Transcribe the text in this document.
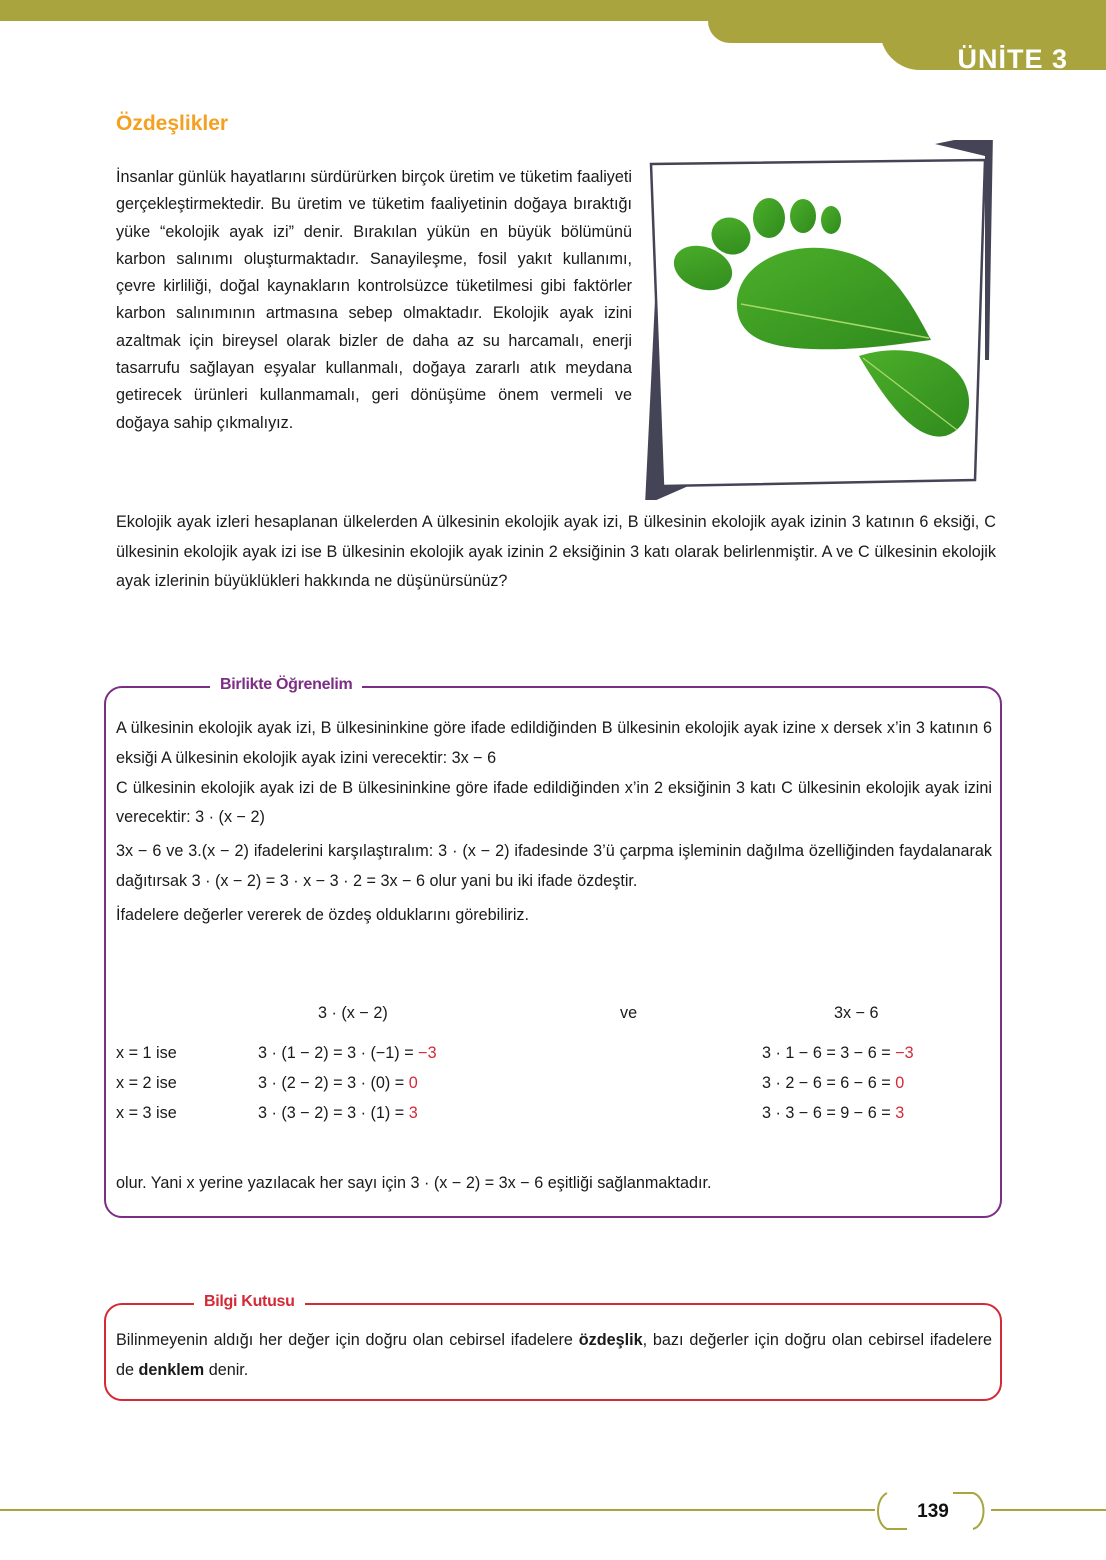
ÜNİTE 3
Özdeşlikler
İnsanlar günlük hayatlarını sürdürürken birçok üretim ve tüketim faaliyeti gerçekleştirmektedir. Bu üretim ve tüketim faaliyetinin doğaya bıraktığı yüke “ekolojik ayak izi” denir. Bırakılan yükün en büyük bölümünü karbon salınımı oluşturmaktadır. Sanayileşme, fosil yakıt kullanımı, çevre kirliliği, doğal kaynakların kontrolsüzce tüketilmesi gibi faktörler karbon salınımının artmasına sebep olmaktadır. Ekolojik ayak izini azaltmak için bireysel olarak bizler de daha az su harcamalı, enerji tasarrufu sağlayan eşyalar kullanmalı, doğaya zararlı atık meydana getirecek ürünleri kullanmamalı, geri dönüşüme önem vermeli ve doğaya sahip çıkmalıyız.
Ekolojik ayak izleri hesaplanan ülkelerden A ülkesinin ekolojik ayak izi, B ülkesinin ekolojik ayak izinin 3 katının 6 eksiği, C ülkesinin ekolojik ayak izi ise B ülkesinin ekolojik ayak izinin 2 eksiğinin 3 katı olarak belirlenmiştir. A ve C ülkesinin ekolojik ayak izlerinin büyüklükleri hakkında ne düşünürsünüz?
Birlikte Öğrenelim

A ülkesinin ekolojik ayak izi, B ülkesininkine göre ifade edildiğinden B ülkesinin ekolojik ayak izine x dersek x’in 3 katının 6 eksiği A ülkesinin ekolojik ayak izini verecektir: 3x − 6

C ülkesinin ekolojik ayak izi de B ülkesininkine göre ifade edildiğinden x’in 2 eksiğinin 3 katı C ülkesinin ekolojik ayak izini verecektir: 3 · (x − 2)

3x − 6 ve 3.(x − 2) ifadelerini karşılaştıralım: 3 · (x − 2) ifadesinde 3’ü çarpma işleminin dağılma özelliğinden faydalanarak dağıtırsak 3 · (x − 2) = 3 · x − 3 · 2 = 3x − 6 olur yani bu iki ifade özdeştir.

İfadelere değerler vererek de özdeş olduklarını görebiliriz.

3 · (x − 2)	ve	3x − 6
x = 1 ise	3 · (1 − 2) = 3 · (−1) = −3	3 · 1 − 6 = 3 − 6 = −3
x = 2 ise	3 · (2 − 2) = 3 · (0) = 0	3 · 2 − 6 = 6 − 6 = 0
x = 3 ise	3 · (3 − 2) = 3 · (1) = 3	3 · 3 − 6 = 9 − 6 = 3
olur. Yani x yerine yazılacak her sayı için 3 · (x − 2) = 3x − 6 eşitliği sağlanmaktadır.
Bilgi Kutusu
Bilinmeyenin aldığı her değer için doğru olan cebirsel ifadelere özdeşlik, bazı değerler için doğru olan cebirsel ifadelere de denklem denir.
139
